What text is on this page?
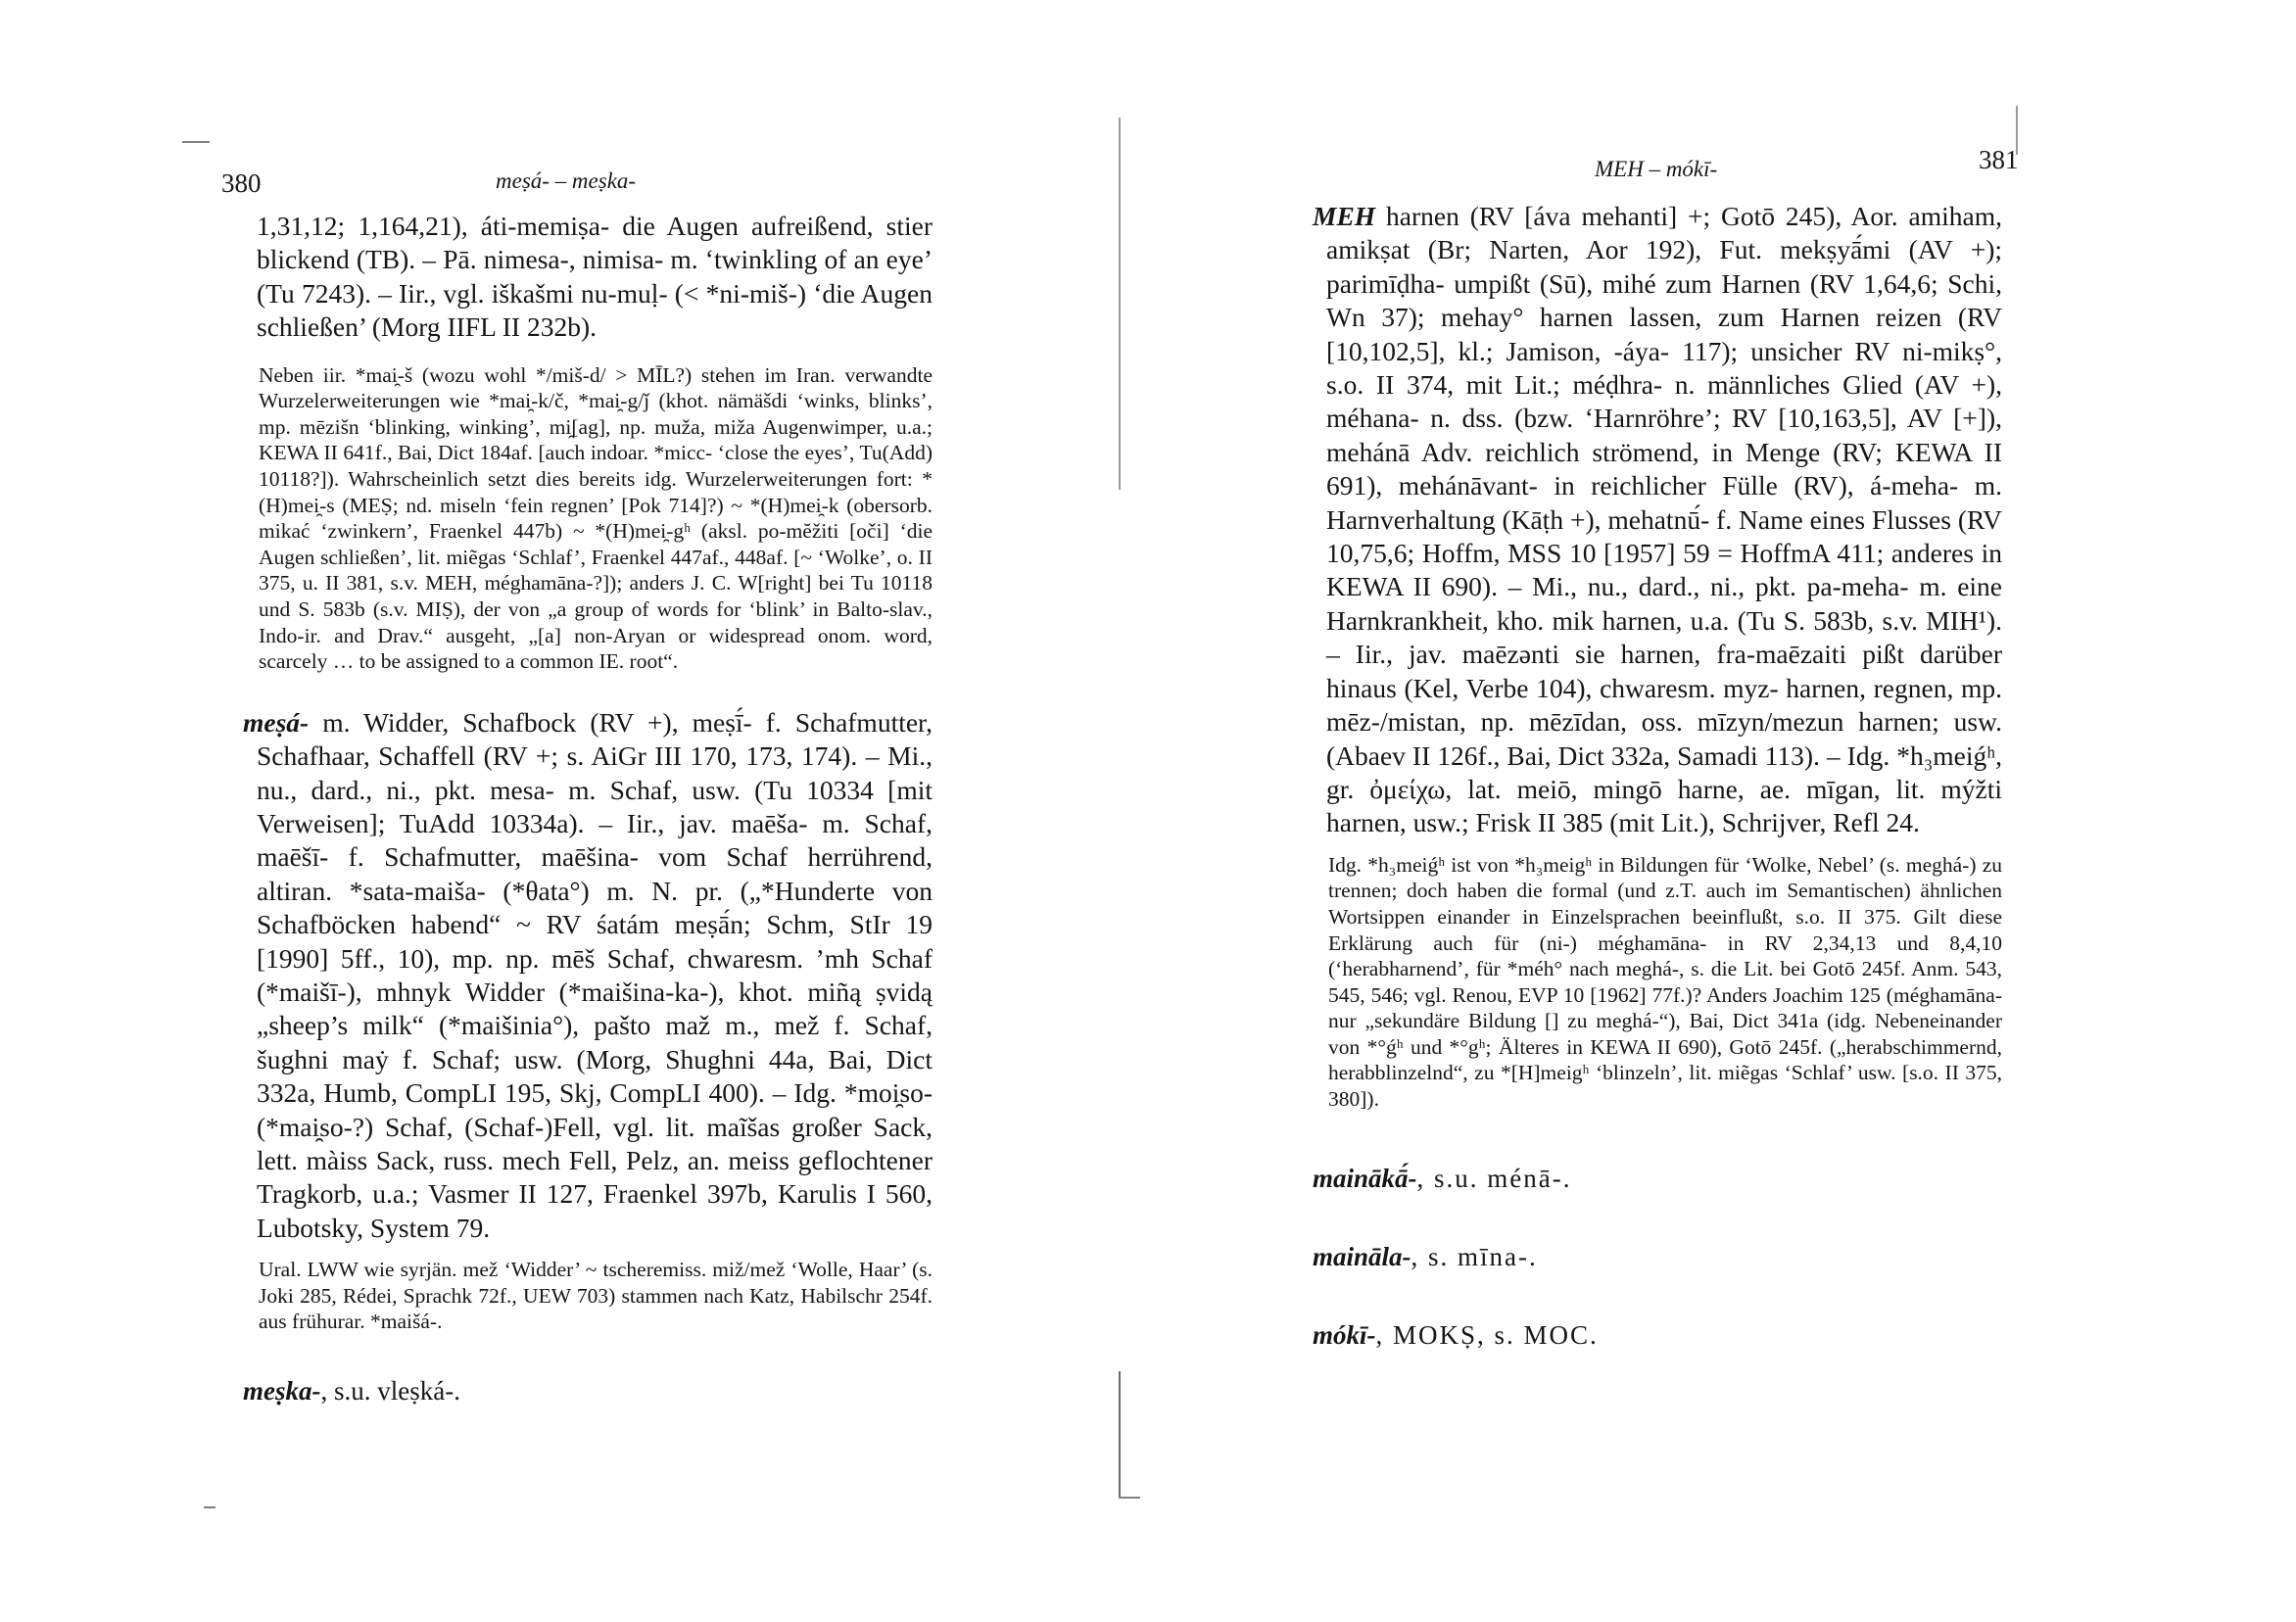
380	meṣá- – meṣka-

1,31,12; 1,164,21), áti-memiṣa- die Augen aufreißend, stier blickend (TB). – Pā. nimesa-, nimisa- m. ‘twinkling of an eye’ (Tu 7243). – Iir., vgl. iškašmi nu-muḷ- (< *ni-miš-) ‘die Augen schließen’ (Morg IIFL II 232b).

Neben iir. *mai̯-š (wozu wohl */miš-d/ > MĪL?) stehen im Iran. verwandte Wurzelerweiterungen wie *mai̯-k/č, *mai̯-g/ǰ (khot. nämäšdi ‘winks, blinks’, mp. mēzišn ‘blinking, winking’, mi̯[ag], np. muža, miža Augenwimper, u.a.; KEWA II 641f., Bai, Dict 184af. [auch indoar. *micc- ‘close the eyes’, Tu(Add) 10118?]). Wahrscheinlich setzt dies bereits idg. Wurzelerweiterungen fort: *(H)mei̯-s (MEṢ; nd. miseln ‘fein regnen’ [Pok 714]?) ~ *(H)mei̯-k (obersorb. mikać ‘zwinkern’, Fraenkel 447b) ~ *(H)mei̯-gʰ (aksl. po-mĕžiti [oči] ‘die Augen schließen’, lit. miẽgas ‘Schlaf’, Fraenkel 447af., 448af. [~ ‘Wolke’, o. II 375, u. II 381, s.v. MEH, méghamāna-?]); anders J. C. W[right] bei Tu 10118 und S. 583b (s.v. MIṢ), der von „a group of words for ‘blink’ in Balto-slav., Indo-ir. and Drav.“ ausgeht, „[a] non-Aryan or widespread onom. word, scarcely … to be assigned to a common IE. root“.

meṣá- m. Widder, Schafbock (RV +), meṣī́- f. Schafmutter, Schafhaar, Schaffell (RV +; s. AiGr III 170, 173, 174). – Mi., nu., dard., ni., pkt. mesa- m. Schaf, usw. (Tu 10334 [mit Verweisen]; TuAdd 10334a). – Iir., jav. maēša- m. Schaf, maēšī- f. Schafmutter, maēšina- vom Schaf herrührend, altiran. *sata-maiša- (*θata°) m. N. pr. („*Hunderte von Schafböcken habend“ ~ RV śatám meṣā́n; Schm, StIr 19 [1990] 5ff., 10), mp. np. mēš Schaf, chwaresm. ’mh Schaf (*maišī-), mhnyk Widder (*maišina-ka-), khot. miñą ṣvidą „sheep’s milk“ (*maišinia°), pašto maž m., mež f. Schaf, šughni maẏ f. Schaf; usw. (Morg, Shughni 44a, Bai, Dict 332a, Humb, CompLI 195, Skj, CompLI 400). – Idg. *moi̯so- (*mai̯so-?) Schaf, (Schaf-)Fell, vgl. lit. maĩšas großer Sack, lett. màiss Sack, russ. mech Fell, Pelz, an. meiss geflochtener Tragkorb, u.a.; Vasmer II 127, Fraenkel 397b, Karulis I 560, Lubotsky, System 79.

Ural. LWW wie syrjän. mež ‘Widder’ ~ tscheremiss. miž/mež ‘Wolle, Haar’ (s. Joki 285, Rédei, Sprachk 72f., UEW 703) stammen nach Katz, Habilschr 254f. aus frühurar. *maišá-.

meṣka-, s.u. vleṣká-.

MEH – mókī-	381

MEH harnen (RV [áva mehanti] +; Gotō 245), Aor. amiham, amikṣat (Br; Narten, Aor 192), Fut. mekṣyā́mi (AV +); parimīḍha- umpißt (Sū), mihé zum Harnen (RV 1,64,6; Schi, Wn 37); mehay° harnen lassen, zum Harnen reizen (RV [10,102,5], kl.; Jamison, -áya- 117); unsicher RV ni-mikṣ°, s.o. II 374, mit Lit.; méḍhra- n. männliches Glied (AV +), méhana- n. dss. (bzw. ‘Harnröhre’; RV [10,163,5], AV [+]), mehánā Adv. reichlich strömend, in Menge (RV; KEWA II 691), mehánāvant- in reichlicher Fülle (RV), á-meha- m. Harnverhaltung (Kāṭh +), mehatnū́- f. Name eines Flusses (RV 10,75,6; Hoffm, MSS 10 [1957] 59 = HoffmA 411; anderes in KEWA II 690). – Mi., nu., dard., ni., pkt. pa-meha- m. eine Harnkrankheit, kho. mik harnen, u.a. (Tu S. 583b, s.v. MIH¹). – Iir., jav. maēzənti sie harnen, fra-maēzaiti pißt darüber hinaus (Kel, Verbe 104), chwaresm. myz- harnen, regnen, mp. mēz-/mistan, np. mēzīdan, oss. mīzyn/mezun harnen; usw. (Abaev II 126f., Bai, Dict 332a, Samadi 113). – Idg. *h₃meiǵʰ, gr. ὀμείχω, lat. meiō, mingō harne, ae. mīgan, lit. mýžti harnen, usw.; Frisk II 385 (mit Lit.), Schrijver, Refl 24.

Idg. *h₃meiǵʰ ist von *h₃meigʰ in Bildungen für ‘Wolke, Nebel’ (s. meghá-) zu trennen; doch haben die formal (und z.T. auch im Semantischen) ähnlichen Wortsippen einander in Einzelsprachen beeinflußt, s.o. II 375. Gilt diese Erklärung auch für (ni-) méghamāna- in RV 2,34,13 und 8,4,10 (‘herabharnend’, für *méh° nach meghá-, s. die Lit. bei Gotō 245f. Anm. 543, 545, 546; vgl. Renou, EVP 10 [1962] 77f.)? Anders Joachim 125 (méghamāna- nur „sekundäre Bildung [] zu meghá-“), Bai, Dict 341a (idg. Nebeneinander von *°ǵʰ und *°gʰ; Älteres in KEWA II 690), Gotō 245f. („herabschimmernd, herabblinzelnd“, zu *[H]meigʰ ‘blinzeln’, lit. miẽgas ‘Schlaf’ usw. [s.o. II 375, 380]).

mainākā́-, s.u. ménā-.

maināla-, s. mīna-.

mókī-, MOKṢ, s. MOC.
